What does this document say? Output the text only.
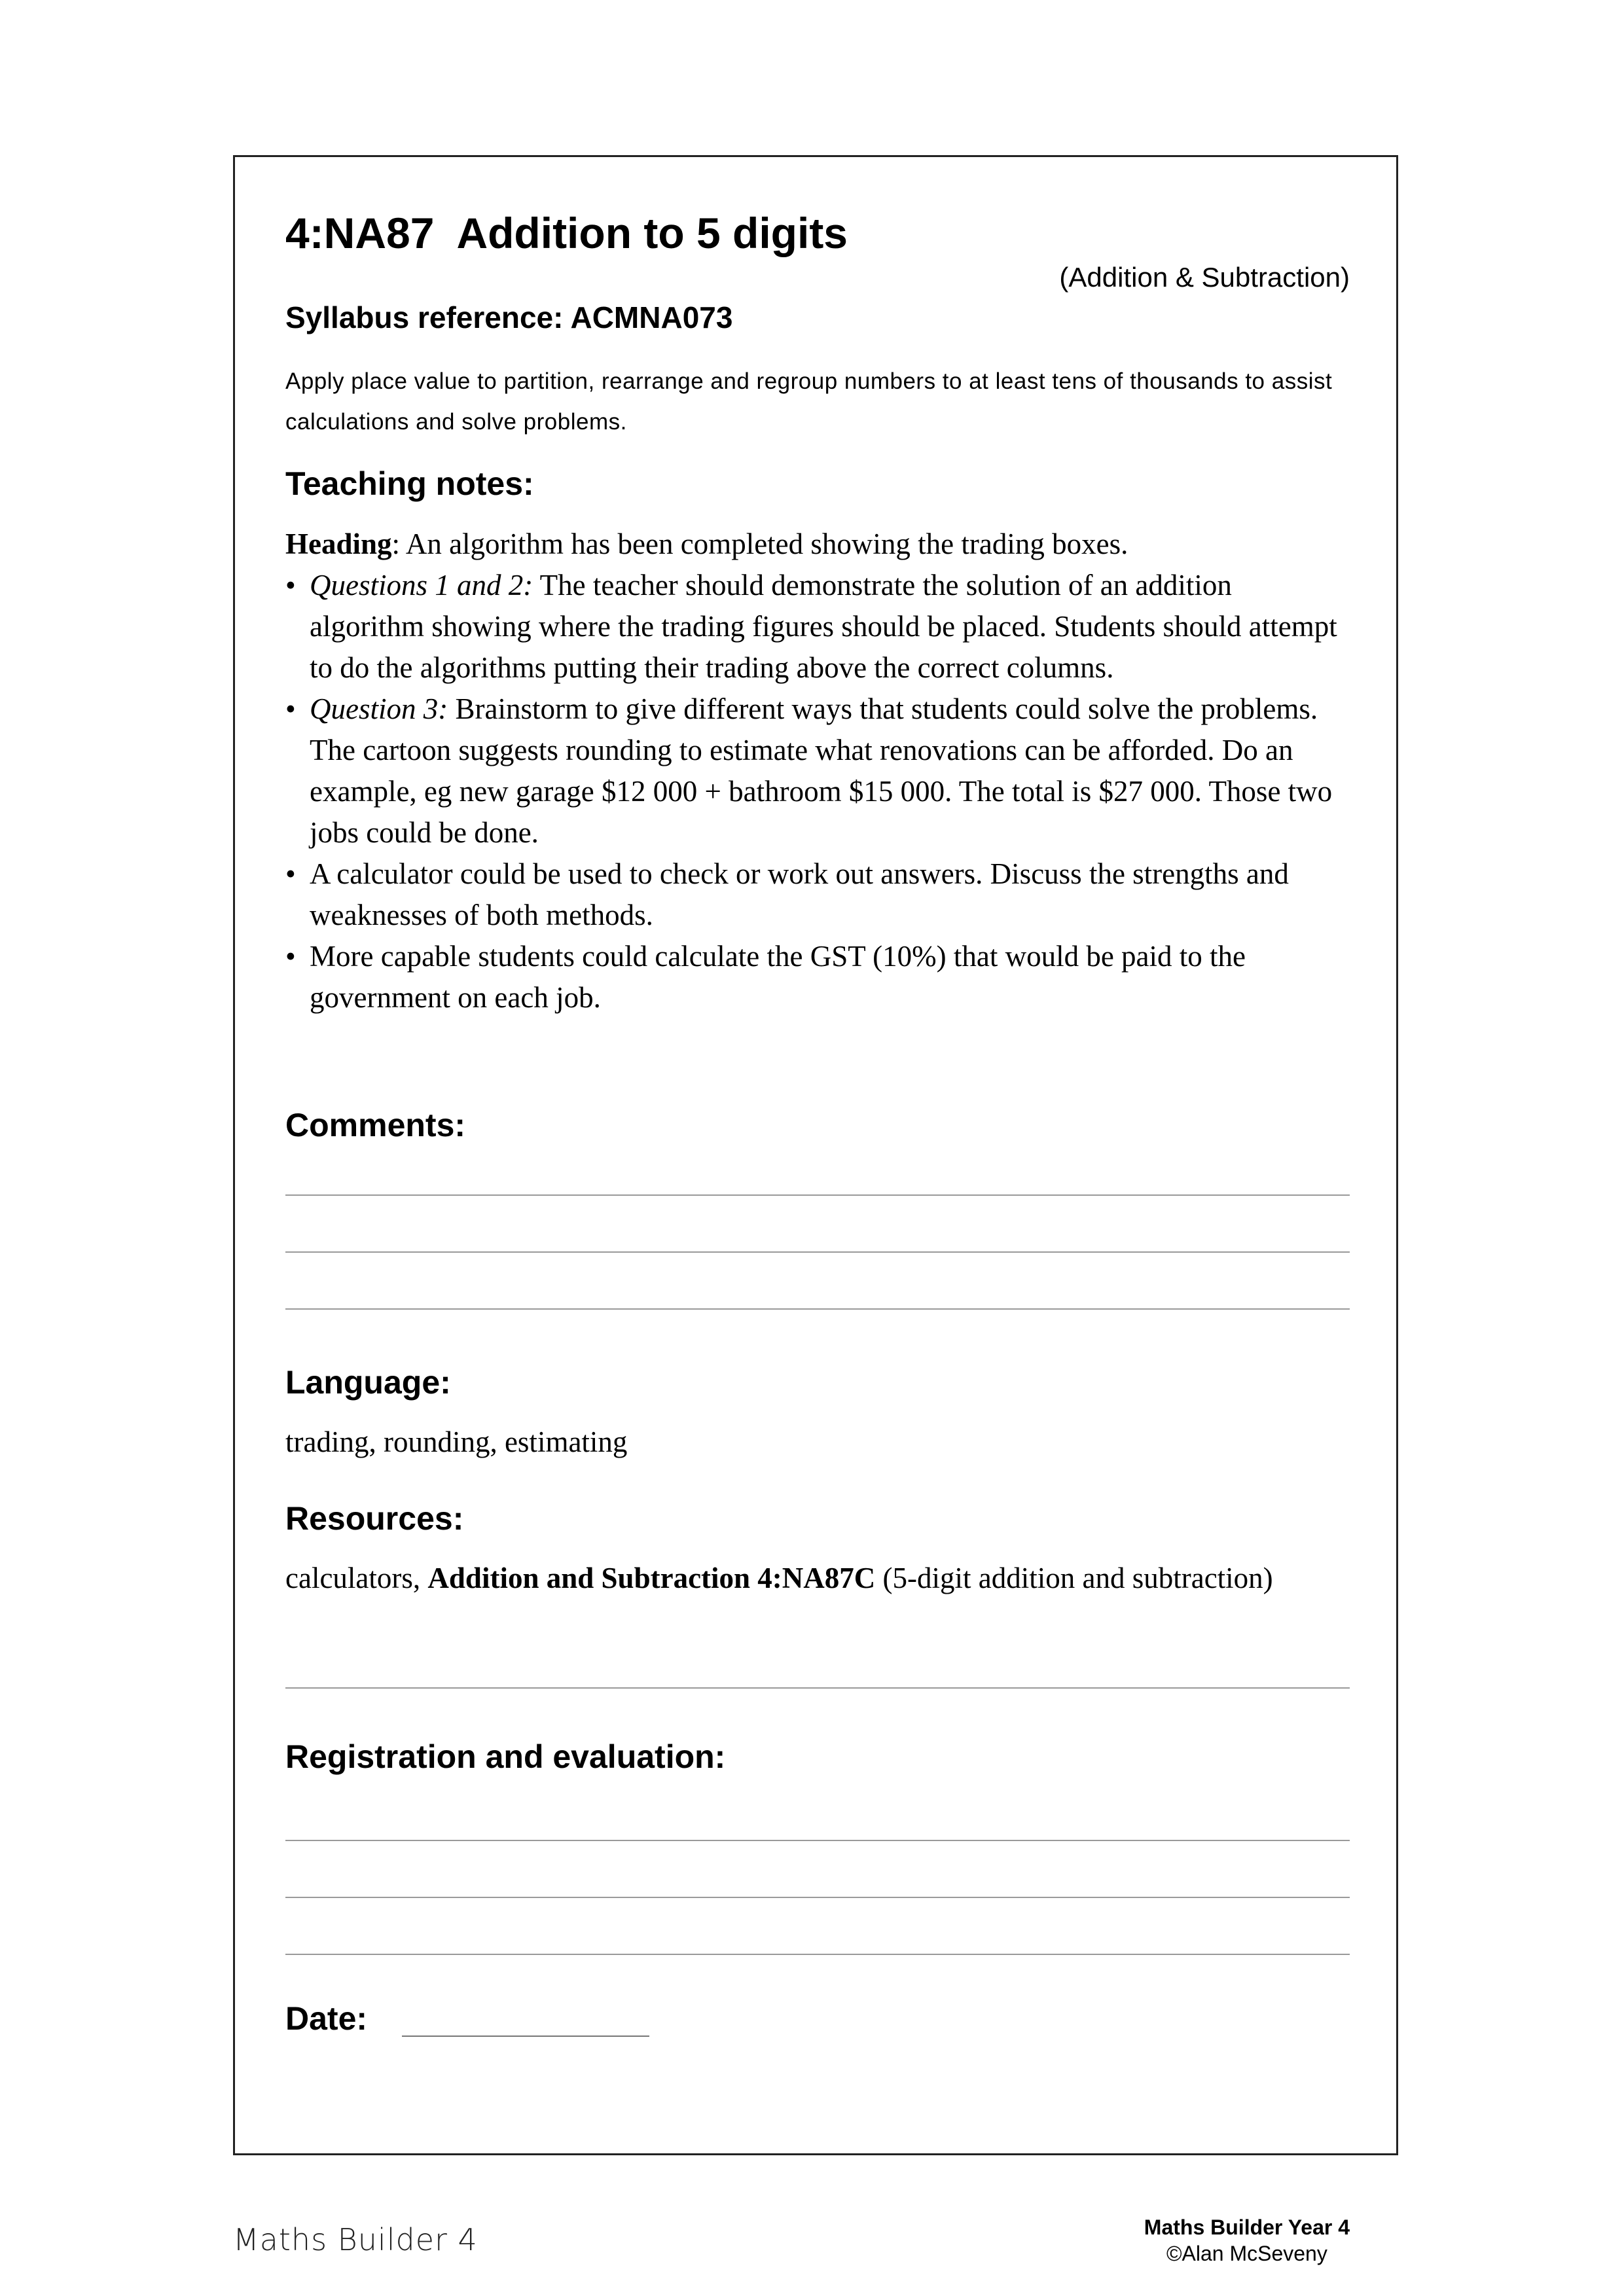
4:NA87 Addition to 5 digits
(Addition & Subtraction)
Syllabus reference: ACMNA073
Apply place value to partition, rearrange and regroup numbers to at least tens of thousands to assist calculations and solve problems.
Teaching notes:

Heading: An algorithm has been completed showing the trading boxes.

• Questions 1 and 2: The teacher should demonstrate the solution of an addition algorithm showing where the trading figures should be placed. Students should attempt to do the algorithms putting their trading above the correct columns.
• Question 3: Brainstorm to give different ways that students could solve the problems. The cartoon suggests rounding to estimate what renovations can be afforded. Do an example, eg new garage $12 000 + bathroom $15 000. The total is $27 000. Those two jobs could be done.
• A calculator could be used to check or work out answers. Discuss the strengths and weaknesses of both methods.
• More capable students could calculate the GST (10%) that would be paid to the government on each job.
Comments:
Language:
trading, rounding, estimating
Resources:
calculators, Addition and Subtraction 4:NA87C (5-digit addition and subtraction)
Registration and evaluation:
Date:
Maths Builder 4	Maths Builder Year 4
©Alan McSeveny
